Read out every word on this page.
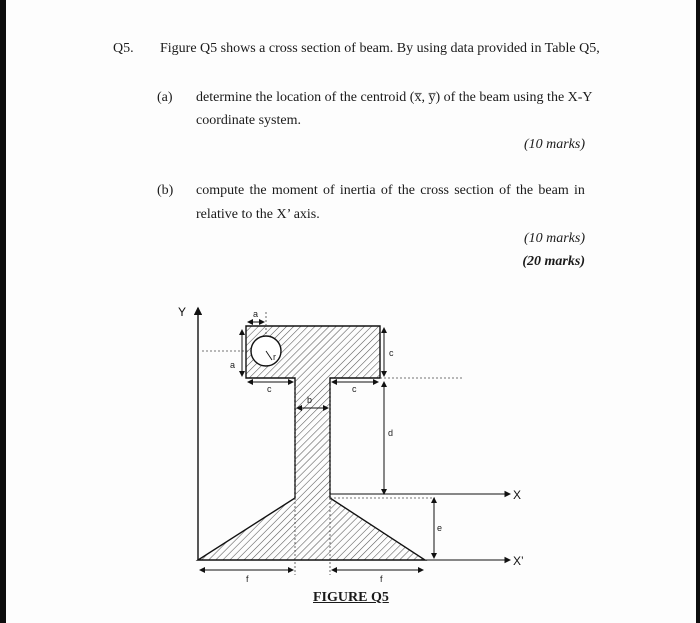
Q5. Figure Q5 shows a cross section of beam. By using data provided in Table Q5,
(a) determine the location of the centroid (x̅, y̅) of the beam using the X-Y
coordinate system.
(10 marks)
(b) compute the moment of inertia of the cross section of the beam in
relative to the X’ axis.
(10 marks)
(20 marks)
Y
r
X
X’
a
a
c	c
c
b
d
e
f	f
FIGURE Q5
